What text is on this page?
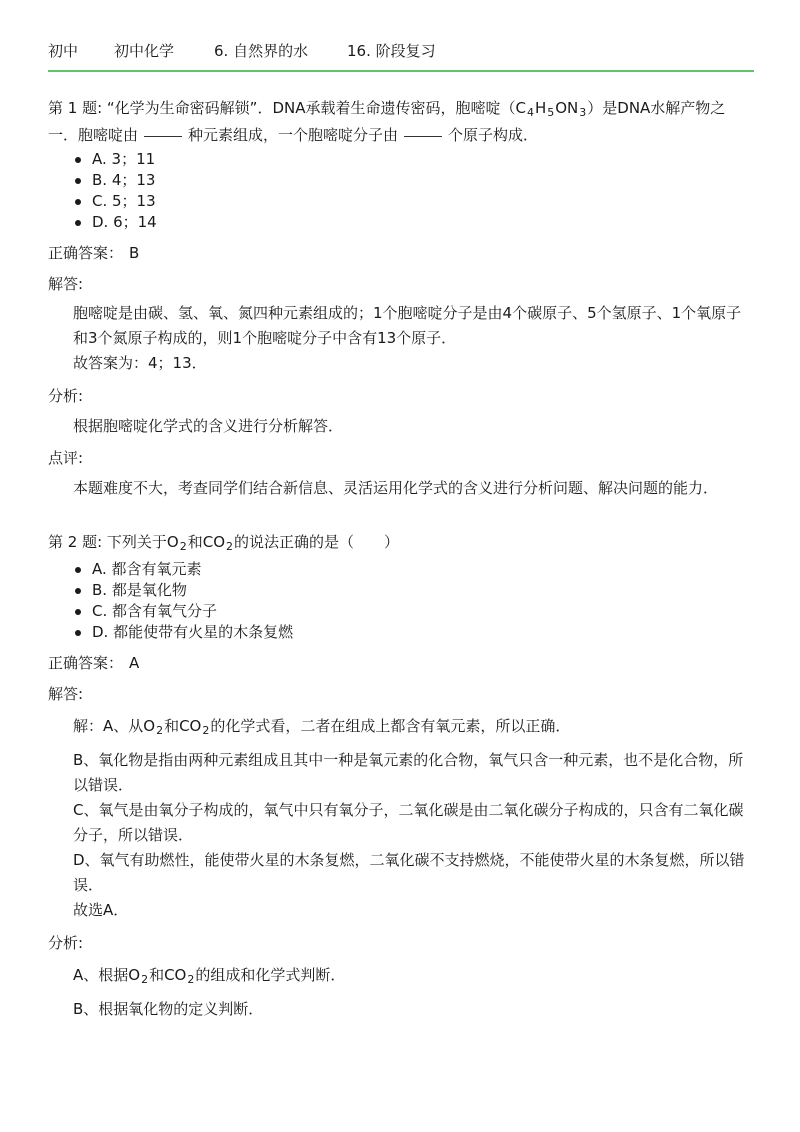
初中 初中化学	6. 自然界的水	16. 阶段复习

第 1 题: “化学为生命密码解锁”．DNA承载着生命遗传密码，胞嘧啶$(C_4H_5ON_3)$是DNA水解产物之一．胞嘧啶由	种元素组成，一个胞嘧啶分子由	个原子构成．

A. 3；11
B. 4；13
C. 5；13
D. 6；14

正确答案： B

解答:

胞嘧啶是由碳、氢、氧、氮四种元素组成的；1个胞嘧啶分子是由4个碳原子、5个氢原子、1个氧原子和3个氮原子构成的，则1个胞嘧啶分子中含有13个原子．

故答案为：4；13．

分析:

根据胞嘧啶化学式的含义进行分析解答．

点评:

本题难度不大，考查同学们结合新信息、灵活运用化学式的含义进行分析问题、解决问题的能力．

第 2 题: 下列关于$O_2$和$CO_2$的说法正确的是（　　）

A. 都含有氧元素
B. 都是氧化物
C. 都含有氧气分子
D. 都能使带有火星的木条复燃

正确答案： A

解答:

解：A、从$O_2$和$CO_2$的化学式看，二者在组成上都含有氧元素，所以正确．

B、氧化物是指由两种元素组成且其中一种是氧元素的化合物，氧气只含一种元素，也不是化合物，所以错误．

C、氧气是由氧分子构成的，氧气中只有氧分子，二氧化碳是由二氧化碳分子构成的，只含有二氧化碳分子，所以错误．

D、氧气有助燃性，能使带火星的木条复燃，二氧化碳不支持燃烧，不能使带火星的木条复燃，所以错误．

故选A．

分析:

A、根据$O_2$和$CO_2$的组成和化学式判断．

B、根据氧化物的定义判断．
